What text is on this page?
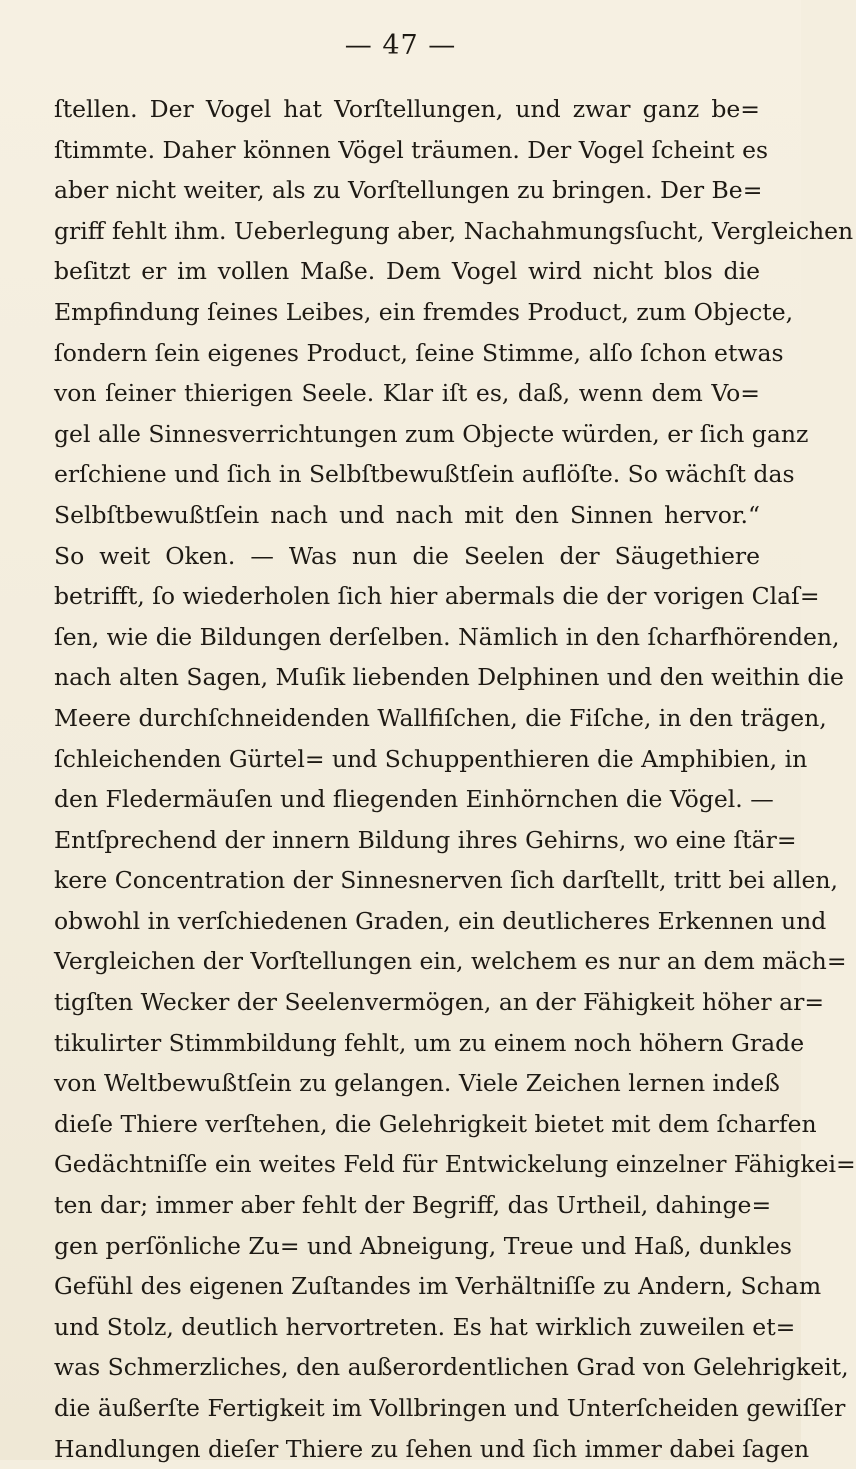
— 47 —
ſtellen. Der Vogel hat Vorſtellungen, und zwar ganz be=
ſtimmte. Daher können Vögel träumen. Der Vogel ſcheint es
aber nicht weiter, als zu Vorſtellungen zu bringen. Der Be=
griff fehlt ihm. Ueberlegung aber, Nachahmungsſucht, Vergleichen
beſitzt er im vollen Maße. Dem Vogel wird nicht blos die
Empfindung ſeines Leibes, ein fremdes Product, zum Objecte,
ſondern ſein eigenes Product, ſeine Stimme, alſo ſchon etwas
von ſeiner thierigen Seele. Klar iſt es, daß, wenn dem Vo=
gel alle Sinnesverrichtungen zum Objecte würden, er ſich ganz
erſchiene und ſich in Selbſtbewußtſein auflöſte. So wächſt das
Selbſtbewußtſein nach und nach mit den Sinnen hervor.“
So weit Oken. — Was nun die Seelen der Säugethiere
betrifft, ſo wiederholen ſich hier abermals die der vorigen Claſ=
ſen, wie die Bildungen derſelben. Nämlich in den ſcharfhörenden,
nach alten Sagen, Muſik liebenden Delphinen und den weithin die
Meere durchſchneidenden Wallfiſchen, die Fiſche, in den trägen,
ſchleichenden Gürtel= und Schuppenthieren die Amphibien, in
den Fledermäuſen und fliegenden Einhörnchen die Vögel. —
Entſprechend der innern Bildung ihres Gehirns, wo eine ſtär=
kere Concentration der Sinnesnerven ſich darſtellt, tritt bei allen,
obwohl in verſchiedenen Graden, ein deutlicheres Erkennen und
Vergleichen der Vorſtellungen ein, welchem es nur an dem mäch=
tigſten Wecker der Seelenvermögen, an der Fähigkeit höher ar=
tikulirter Stimmbildung fehlt, um zu einem noch höhern Grade
von Weltbewußtſein zu gelangen. Viele Zeichen lernen indeß
dieſe Thiere verſtehen, die Gelehrigkeit bietet mit dem ſcharfen
Gedächtniſſe ein weites Feld für Entwickelung einzelner Fähigkei=
ten dar; immer aber fehlt der Begriff, das Urtheil, dahinge=
gen perſönliche Zu= und Abneigung, Treue und Haß, dunkles
Gefühl des eigenen Zuſtandes im Verhältniſſe zu Andern, Scham
und Stolz, deutlich hervortreten. Es hat wirklich zuweilen et=
was Schmerzliches, den außerordentlichen Grad von Gelehrigkeit,
die äußerſte Fertigkeit im Vollbringen und Unterſcheiden gewiſſer
Handlungen dieſer Thiere zu ſehen und ſich immer dabei ſagen
